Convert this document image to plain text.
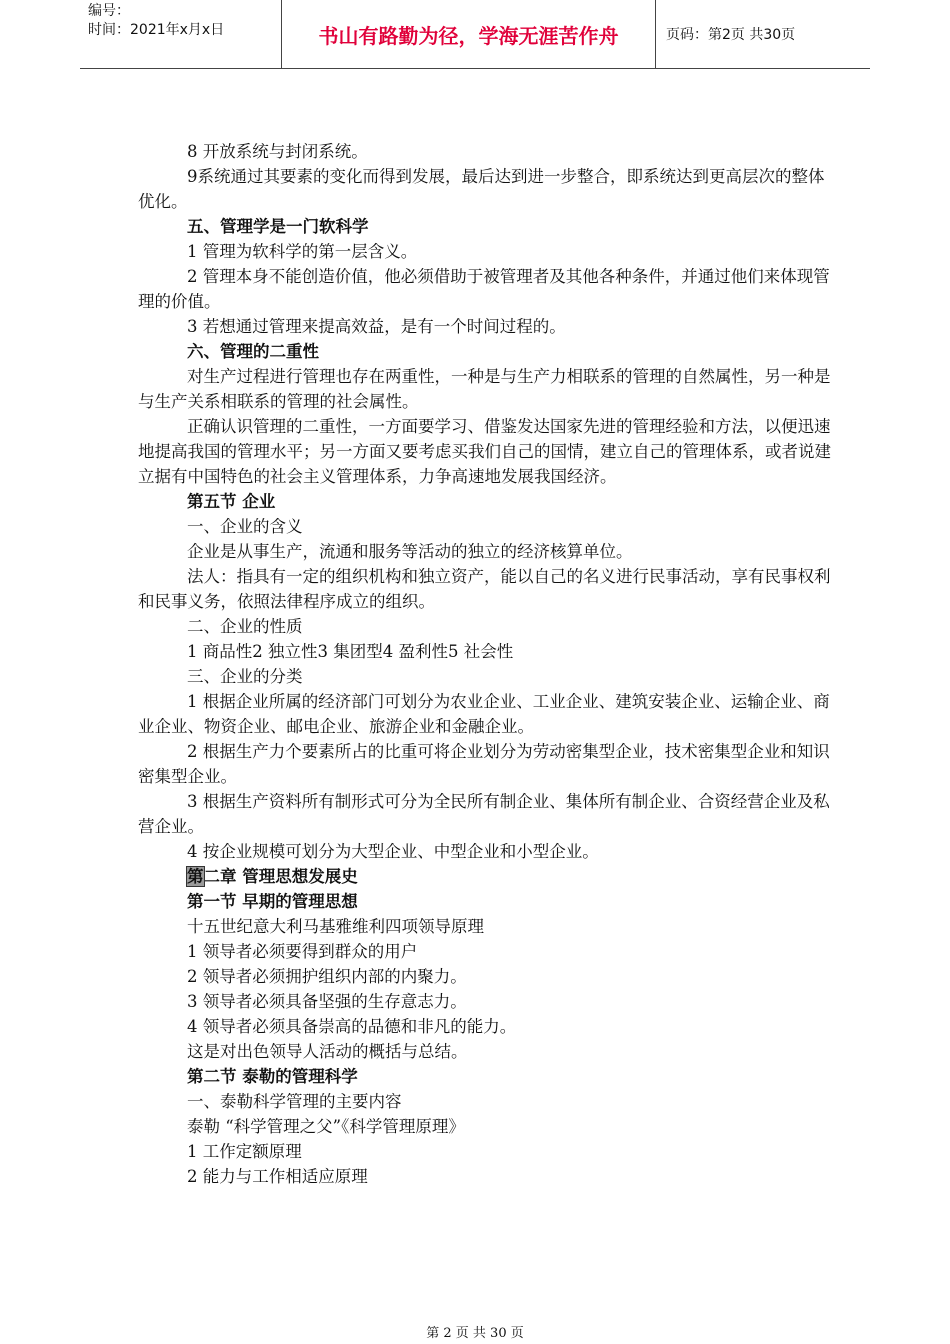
编号：
时间：2021年x月x日	书山有路勤为径，学海无涯苦作舟	页码：第2页 共30页

8 开放系统与封闭系统。

9系统通过其要素的变化而得到发展，最后达到进一步整合，即系统达到更高层次的整体优化。

五、管理学是一门软科学

1 管理为软科学的第一层含义。

2 管理本身不能创造价值，他必须借助于被管理者及其他各种条件，并通过他们来体现管理的价值。

3 若想通过管理来提高效益，是有一个时间过程的。

六、管理的二重性

对生产过程进行管理也存在两重性，一种是与生产力相联系的管理的自然属性，另一种是与生产关系相联系的管理的社会属性。

正确认识管理的二重性，一方面要学习、借鉴发达国家先进的管理经验和方法，以便迅速地提高我国的管理水平；另一方面又要考虑买我们自己的国情，建立自己的管理体系，或者说建立据有中国特色的社会主义管理体系，力争高速地发展我国经济。

第五节 企业

一、企业的含义

企业是从事生产，流通和服务等活动的独立的经济核算单位。

法人：指具有一定的组织机构和独立资产，能以自己的名义进行民事活动，享有民事权利和民事义务，依照法律程序成立的组织。

二、企业的性质

1 商品性2 独立性3 集团型4 盈利性5 社会性

三、企业的分类

1 根据企业所属的经济部门可划分为农业企业、工业企业、建筑安装企业、运输企业、商业企业、物资企业、邮电企业、旅游企业和金融企业。

2 根据生产力个要素所占的比重可将企业划分为劳动密集型企业，技术密集型企业和知识密集型企业。

3 根据生产资料所有制形式可分为全民所有制企业、集体所有制企业、合资经营企业及私营企业。

4 按企业规模可划分为大型企业、中型企业和小型企业。

第二章 管理思想发展史

第一节 早期的管理思想

十五世纪意大利马基雅维利四项领导原理

1 领导者必须要得到群众的用户

2 领导者必须拥护组织内部的内聚力。

3 领导者必须具备坚强的生存意志力。

4 领导者必须具备崇高的品德和非凡的能力。

这是对出色领导人活动的概括与总结。

第二节 泰勒的管理科学

一、泰勒科学管理的主要内容

泰勒 “科学管理之父”《科学管理原理》

1 工作定额原理

2 能力与工作相适应原理

第 2 页 共 30 页
